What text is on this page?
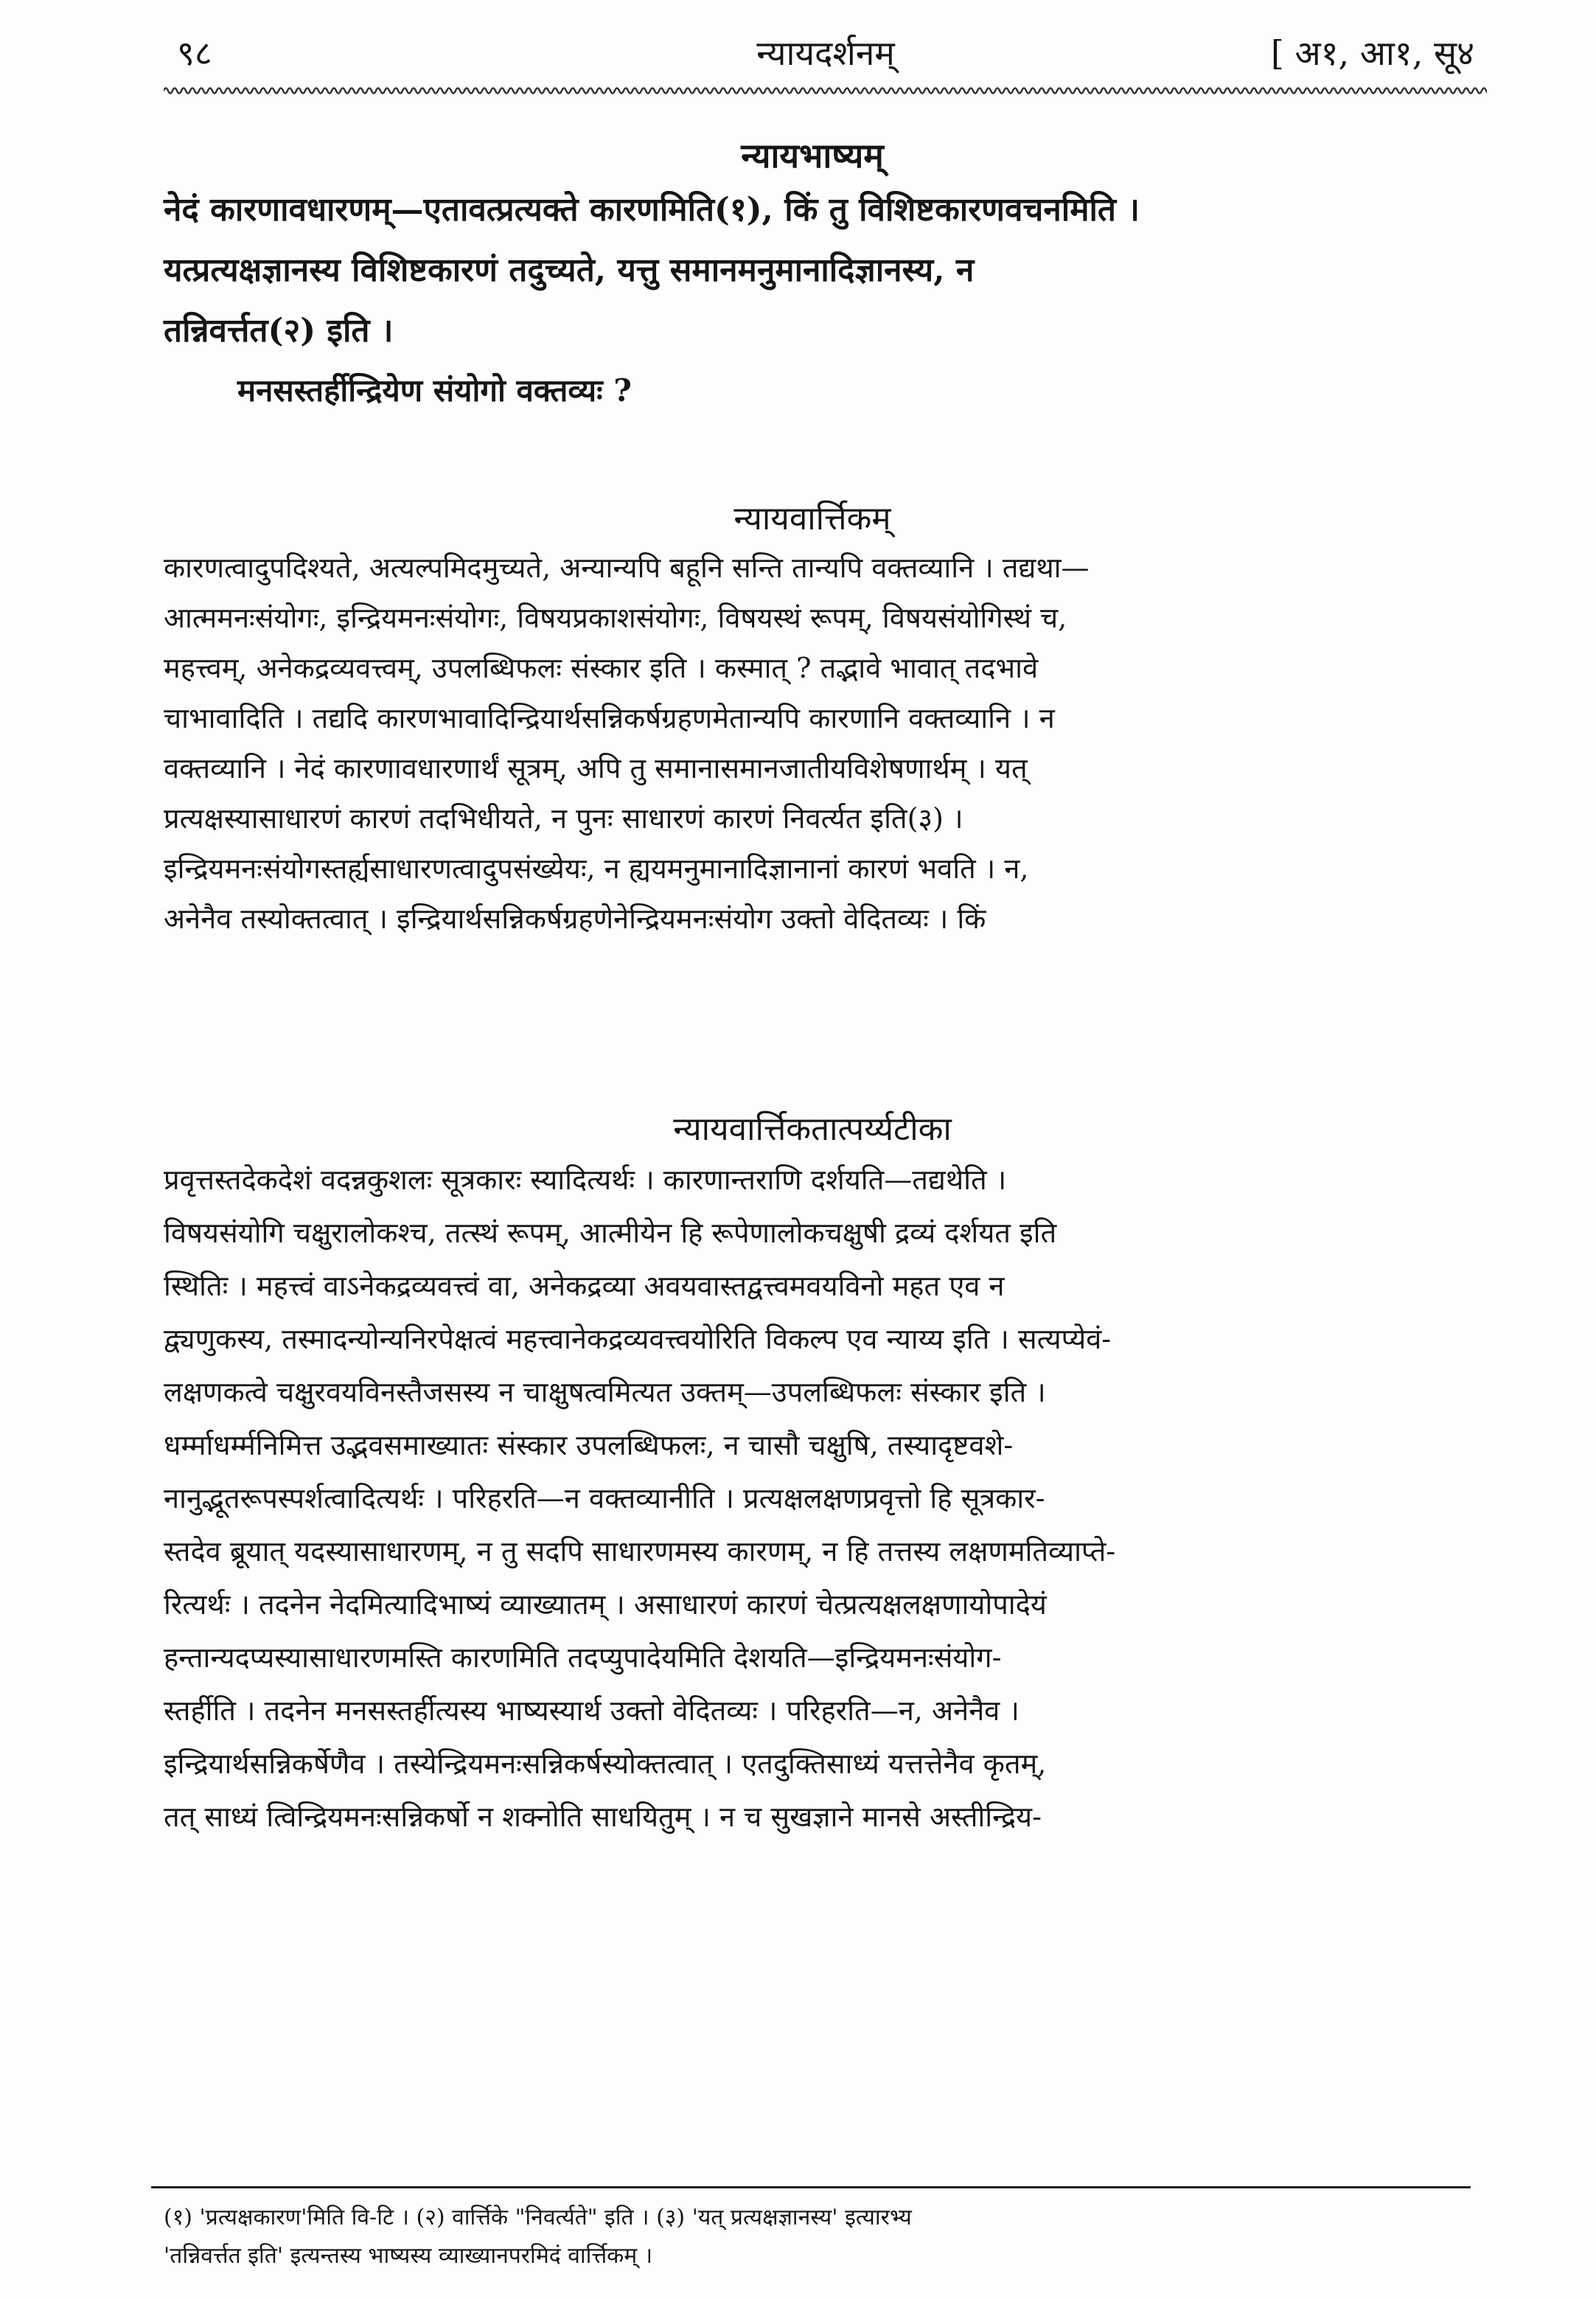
९८	न्यायदर्शनम्	[ अ१, आ१, सू४

न्यायभाष्यम्

नेदं कारणावधारणम्—एतावत्प्रत्यक्ते कारणमिति(१), किं तु विशिष्टकारणवचनमिति ।
यत्प्रत्यक्षज्ञानस्य विशिष्टकारणं तदुच्यते, यत्तु समानमनुमानादिज्ञानस्य, न
तन्निवर्त्तत(२) इति ।

मनसस्तर्हीन्द्रियेण संयोगो वक्तव्यः ?

न्यायवार्त्तिकम्

कारणत्वादुपदिश्यते, अत्यल्पमिदमुच्यते, अन्यान्यपि बहूनि सन्ति तान्यपि वक्तव्यानि । तद्यथा—
आत्ममनःसंयोगः, इन्द्रियमनःसंयोगः, विषयप्रकाशसंयोगः, विषयस्थं रूपम्, विषयसंयोगिस्थं च,
महत्त्वम्, अनेकद्रव्यवत्त्वम्, उपलब्धिफलः संस्कार इति । कस्मात् ? तद्भावे भावात् तदभावे
चाभावादिति । तद्यदि कारणभावादिन्द्रियार्थसन्निकर्षग्रहणमेतान्यपि कारणानि वक्तव्यानि । न
वक्तव्यानि । नेदं कारणावधारणार्थं सूत्रम्, अपि तु समानासमानजातीयविशेषणार्थम् । यत्
प्रत्यक्षस्यासाधारणं कारणं तदभिधीयते, न पुनः साधारणं कारणं निवर्त्यत इति(३) ।
इन्द्रियमनःसंयोगस्तर्ह्यसाधारणत्वादुपसंख्येयः, न ह्ययमनुमानादिज्ञानानां कारणं भवति । न,
अनेनैव तस्योक्तत्वात् । इन्द्रियार्थसन्निकर्षग्रहणेनेन्द्रियमनःसंयोग उक्तो वेदितव्यः । किं

न्यायवार्त्तिकतात्पर्य्यटीका

प्रवृत्तस्तदेकदेशं वदन्नकुशलः सूत्रकारः स्यादित्यर्थः । कारणान्तराणि दर्शयति—तद्यथेति ।
विषयसंयोगि चक्षुरालोकश्च, तत्स्थं रूपम्, आत्मीयेन हि रूपेणालोकचक्षुषी द्रव्यं दर्शयत इति
स्थितिः । महत्त्वं वाऽनेकद्रव्यवत्त्वं वा, अनेकद्रव्या अवयवास्तद्वत्त्वमवयविनो महत एव न
द्व्यणुकस्य, तस्मादन्योन्यनिरपेक्षत्वं महत्त्वानेकद्रव्यवत्त्वयोरिति विकल्प एव न्याय्य इति । सत्यप्येवं-
लक्षणकत्वे चक्षुरवयविनस्तैजसस्य न चाक्षुषत्वमित्यत उक्तम्—उपलब्धिफलः संस्कार इति ।
धर्म्माधर्म्मनिमित्त उद्भवसमाख्यातः संस्कार उपलब्धिफलः, न चासौ चक्षुषि, तस्यादृष्टवशे-
नानुद्भूतरूपस्पर्शत्वादित्यर्थः । परिहरति—न वक्तव्यानीति । प्रत्यक्षलक्षणप्रवृत्तो हि सूत्रकार-
स्तदेव ब्रूयात् यदस्यासाधारणम्, न तु सदपि साधारणमस्य कारणम्, न हि तत्तस्य लक्षणमतिव्याप्ते-
रित्यर्थः । तदनेन नेदमित्यादिभाष्यं व्याख्यातम् । असाधारणं कारणं चेत्प्रत्यक्षलक्षणायोपादेयं
हन्तान्यदप्यस्यासाधारणमस्ति कारणमिति तदप्युपादेयमिति देशयति—इन्द्रियमनःसंयोग-
स्तर्हीति । तदनेन मनसस्तर्हीत्यस्य भाष्यस्यार्थ उक्तो वेदितव्यः । परिहरति—न, अनेनैव ।
इन्द्रियार्थसन्निकर्षेणैव । तस्येन्द्रियमनःसन्निकर्षस्योक्तत्वात् । एतदुक्तिसाध्यं यत्तत्तेनैव कृतम्,
तत् साध्यं त्विन्द्रियमनःसन्निकर्षो न शक्नोति साधयितुम् । न च सुखज्ञाने मानसे अस्तीन्द्रिय-

(१) 'प्रत्यक्षकारण'मिति वि-टि । (२) वार्त्तिके "निवर्त्यते" इति । (३) 'यत् प्रत्यक्षज्ञानस्य' इत्यारभ्य
'तन्निवर्त्तत इति' इत्यन्तस्य भाष्यस्य व्याख्यानपरमिदं वार्त्तिकम् ।
